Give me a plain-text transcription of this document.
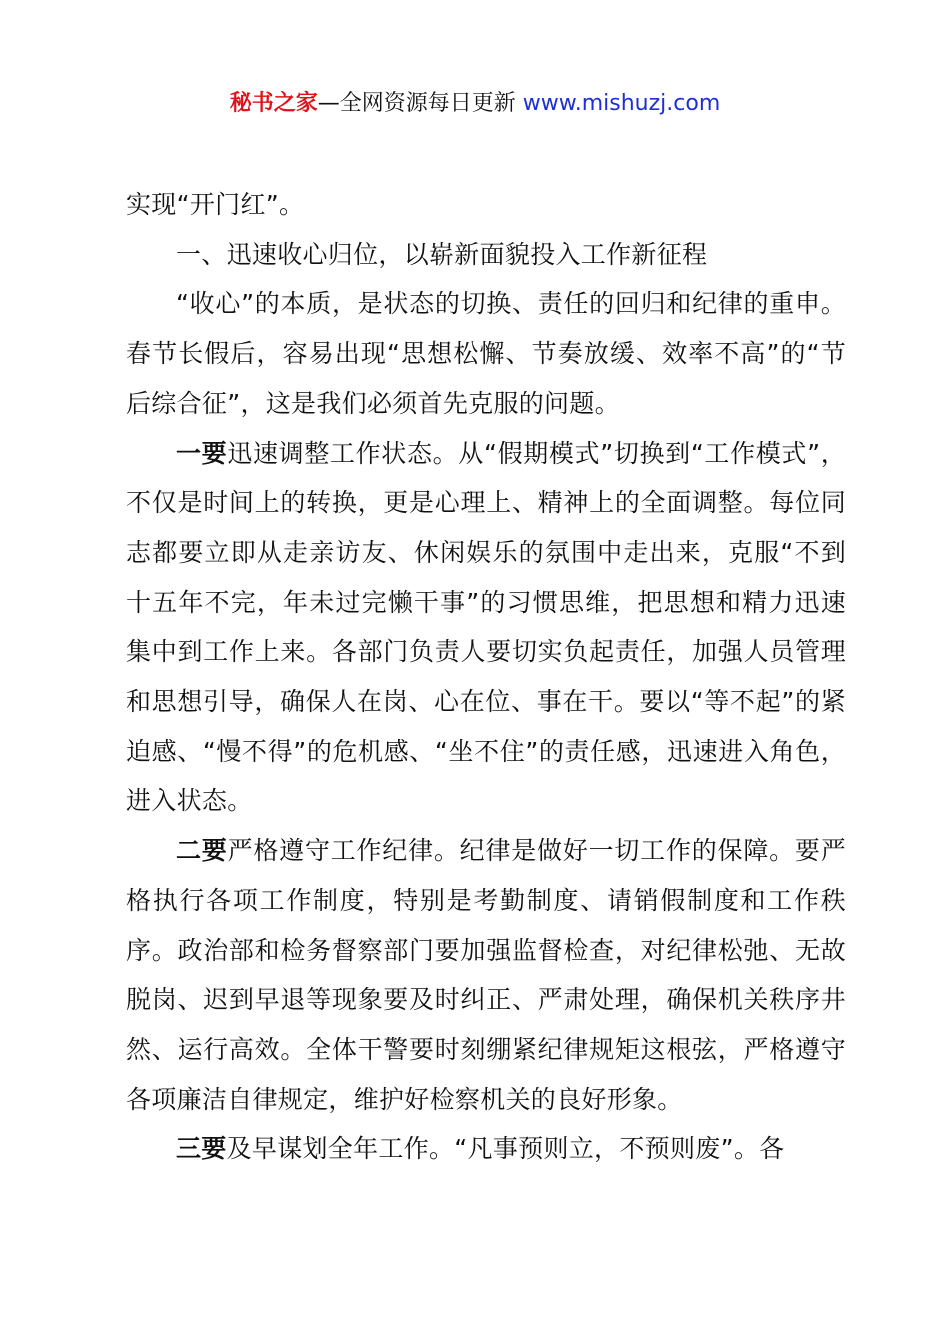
秘书之家—全网资源每日更新 www.mishuzj.com

实现“开门红”。

一、迅速收心归位，以崭新面貌投入工作新征程

“收心”的本质，是状态的切换、责任的回归和纪律的重申。春节长假后，容易出现“思想松懈、节奏放缓、效率不高”的“节后综合征”，这是我们必须首先克服的问题。

一要迅速调整工作状态。从“假期模式”切换到“工作模式”，不仅是时间上的转换，更是心理上、精神上的全面调整。每位同志都要立即从走亲访友、休闲娱乐的氛围中走出来，克服“不到十五年不完，年未过完懒干事”的习惯思维，把思想和精力迅速集中到工作上来。各部门负责人要切实负起责任，加强人员管理和思想引导，确保人在岗、心在位、事在干。要以“等不起”的紧迫感、“慢不得”的危机感、“坐不住”的责任感，迅速进入角色，进入状态。

二要严格遵守工作纪律。纪律是做好一切工作的保障。要严格执行各项工作制度，特别是考勤制度、请销假制度和工作秩序。政治部和检务督察部门要加强监督检查，对纪律松弛、无故脱岗、迟到早退等现象要及时纠正、严肃处理，确保机关秩序井然、运行高效。全体干警要时刻绷紧纪律规矩这根弦，严格遵守各项廉洁自律规定，维护好检察机关的良好形象。

三要及早谋划全年工作。“凡事预则立，不预则废”。各
